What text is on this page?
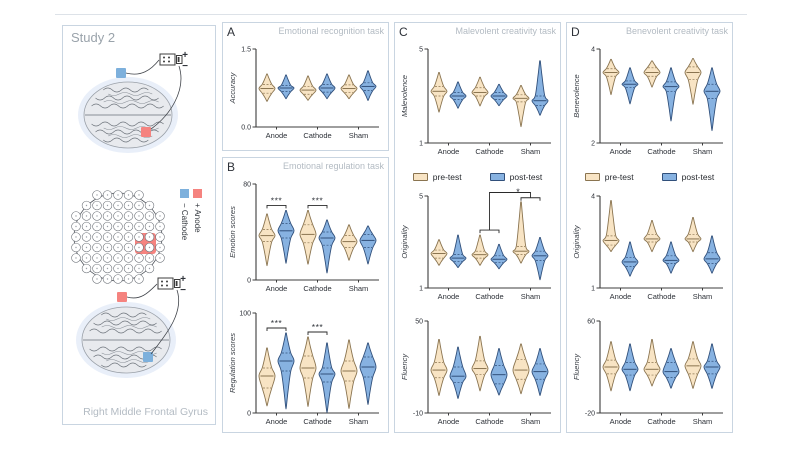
+
−
+ Anode
− Cathode
+
−
Study 2
Right Middle Frontal Gyrus
A	Emotional recognition task
0.0
1.5
Accuracy
Anode Cathode Sham
B	Emotional regulation task
0
80
Emotion scores
Anode Cathode Sham
***	***
0
100
Regulation scores
Anode Cathode Sham
***	***
C	Malevolent creativity task
1
5
Malevolence
Anode Cathode Sham
pre-test	post-test
1
5
Originality
Anode Cathode Sham
*
-10
50
Fluency
Anode Cathode Sham
D	Benevolent creativity task
2
4
Benevolence
Anode Cathode Sham
pre-test	post-test
1
4
Originality
Anode Cathode Sham
-20
60
Fluency
Anode Cathode Sham
